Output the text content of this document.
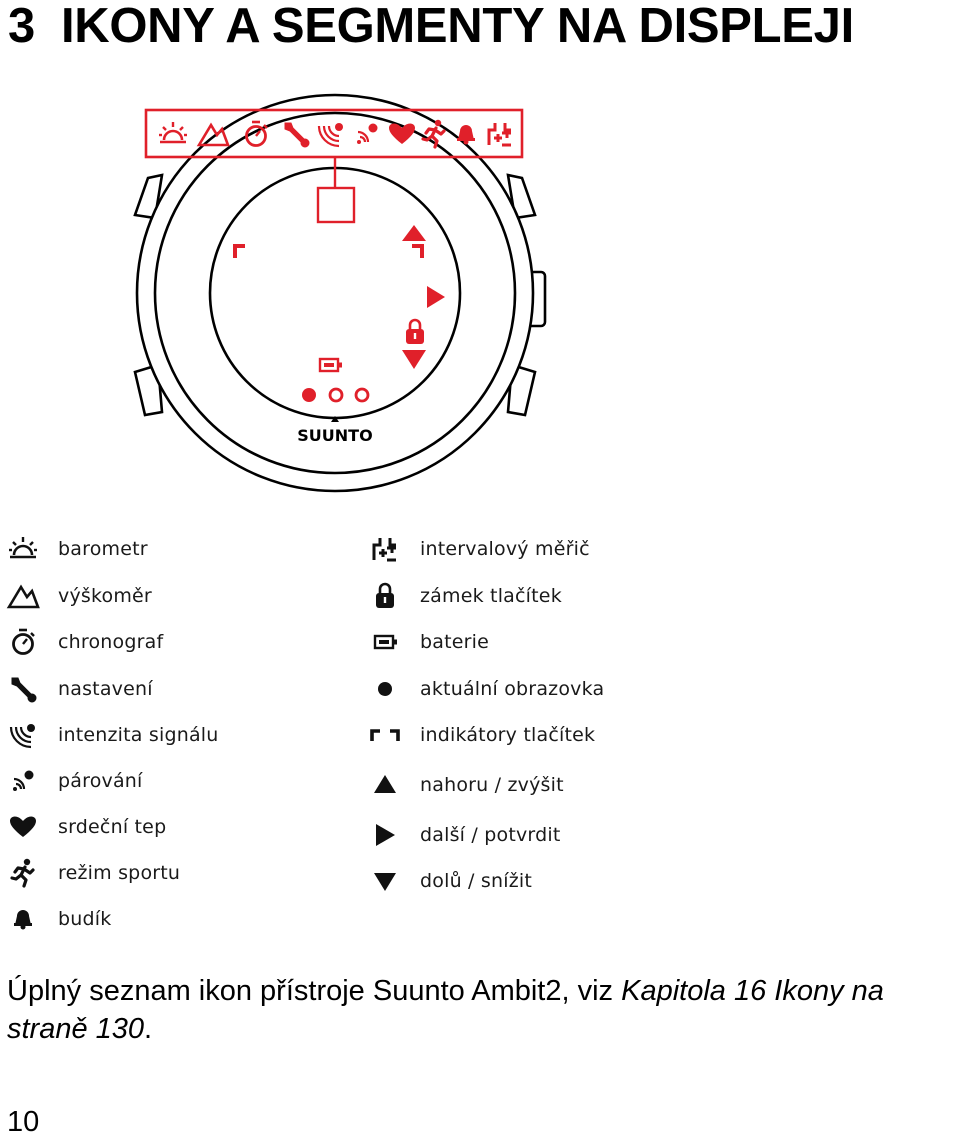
3 IKONY A SEGMENTY NA DISPLEJI
SUUNTO
barometr
výškoměr
chronograf
nastavení
intenzita signálu
párování
srdeční tep
režim sportu
budík
intervalový měřič
zámek tlačítek
baterie
aktuální obrazovka
indikátory tlačítek
nahoru / zvýšit
další / potvrdit
dolů / snížit

Úplný seznam ikon přístroje Suunto Ambit2, viz Kapitola 16 Ikony na straně 130.

10
